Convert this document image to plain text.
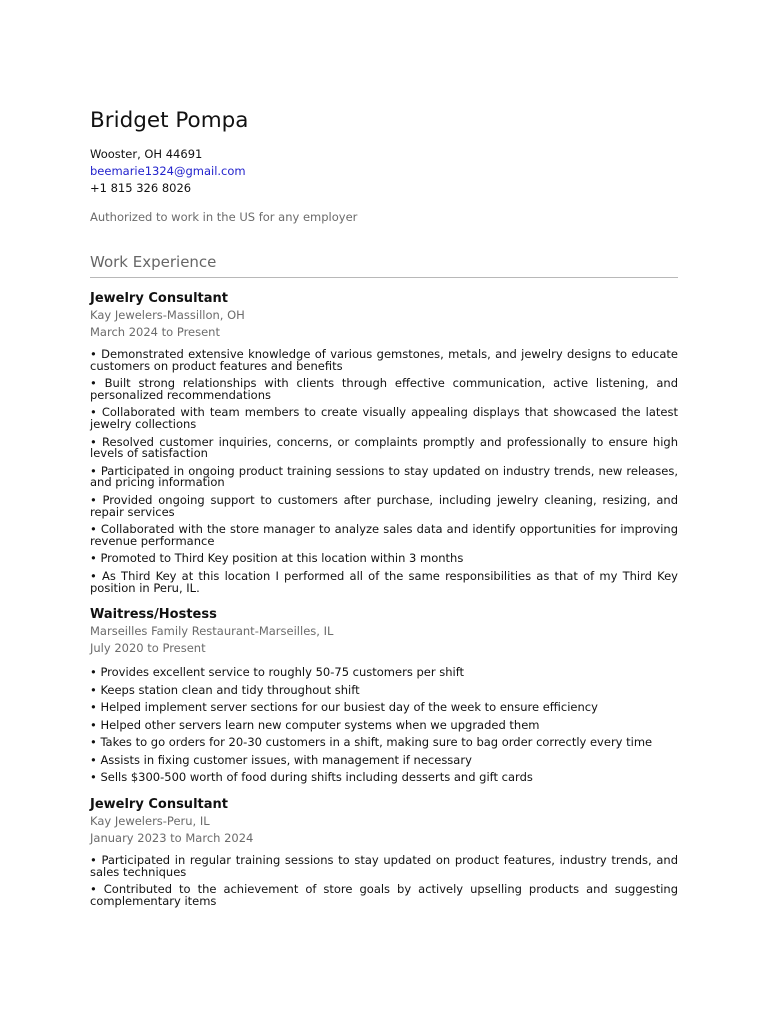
Bridget Pompa

Wooster, OH 44691

beemarie1324@gmail.com

+1 815 326 8026

Authorized to work in the US for any employer
Work Experience

Jewelry Consultant

Kay Jewelers-Massillon, OH

March 2024 to Present

• Demonstrated extensive knowledge of various gemstones, metals, and jewelry designs to educate customers on product features and benefits

• Built strong relationships with clients through effective communication, active listening, and personalized recommendations

• Collaborated with team members to create visually appealing displays that showcased the latest jewelry collections

• Resolved customer inquiries, concerns, or complaints promptly and professionally to ensure high levels of satisfaction

• Participated in ongoing product training sessions to stay updated on industry trends, new releases, and pricing information

• Provided ongoing support to customers after purchase, including jewelry cleaning, resizing, and repair services

• Collaborated with the store manager to analyze sales data and identify opportunities for improving revenue performance

• Promoted to Third Key position at this location within 3 months

• As Third Key at this location I performed all of the same responsibilities as that of my Third Key position in Peru, IL.

Waitress/Hostess

Marseilles Family Restaurant-Marseilles, IL

July 2020 to Present

• Provides excellent service to roughly 50-75 customers per shift

• Keeps station clean and tidy throughout shift

• Helped implement server sections for our busiest day of the week to ensure efficiency

• Helped other servers learn new computer systems when we upgraded them

• Takes to go orders for 20-30 customers in a shift, making sure to bag order correctly every time

• Assists in fixing customer issues, with management if necessary

• Sells $300-500 worth of food during shifts including desserts and gift cards

Jewelry Consultant

Kay Jewelers-Peru, IL

January 2023 to March 2024

• Participated in regular training sessions to stay updated on product features, industry trends, and sales techniques

• Contributed to the achievement of store goals by actively upselling products and suggesting complementary items
